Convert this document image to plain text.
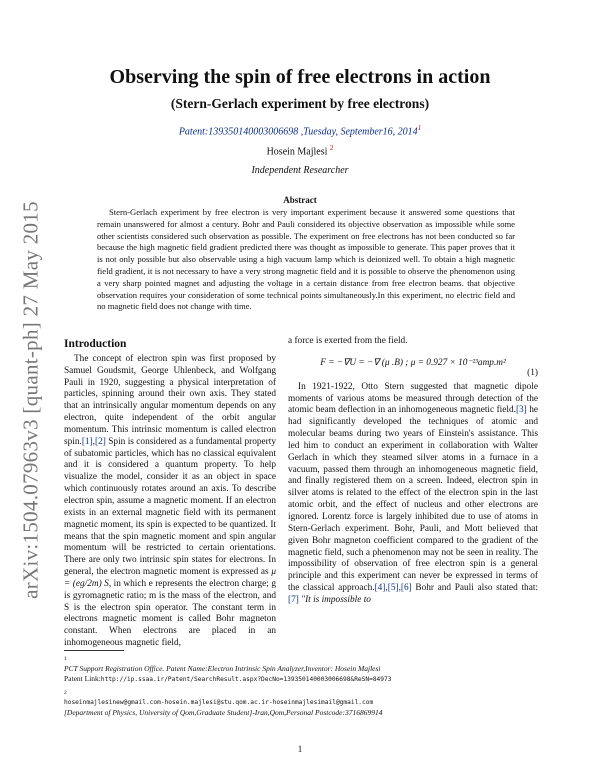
arXiv:1504.07963v3 [quant-ph] 27 May 2015
Observing the spin of free electrons in action
(Stern-Gerlach experiment by free electrons)
Patent:139350140003006698 ,Tuesday, September16, 2014$^1$
Hosein Majlesi $^2$
Independent Researcher
Abstract

Stern-Gerlach experiment by free electron is very important experiment because it answered some questions that remain unanswered for almost a century. Bohr and Pauli considered its objective observation as impossible while some other scientists considered such observation as possible. The experiment on free electrons has not been conducted so far because the high magnetic field gradient predicted there was thought as impossible to generate. This paper proves that it is not only possible but also observable using a high vacuum lamp which is deionized well. To obtain a high magnetic field gradient, it is not necessary to have a very strong magnetic field and it is possible to observe the phenomenon using a very sharp pointed magnet and adjusting the voltage in a certain distance from free electron beams. that objective observation requires your consideration of some technical points simultaneously.In this experiment, no electric field and no magnetic field does not change with time.

Introduction

The concept of electron spin was first proposed by Samuel Goudsmit, George Uhlenbeck, and Wolfgang Pauli in 1920, suggesting a physical interpretation of particles, spinning around their own axis. They stated that an intrinsically angular momentum depends on any electron, quite independent of the orbit angular momentum. This intrinsic momentum is called electron spin.[1],[2] Spin is considered as a fundamental property of subatomic particles, which has no classical equivalent and it is considered a quantum property. To help visualize the model, consider it as an object in space which continuously rotates around an axis. To describe electron spin, assume a magnetic moment. If an electron exists in an external magnetic field with its permanent magnetic moment, its spin is expected to be quantized. It means that the spin magnetic moment and spin angular momentum will be restricted to certain orientations. There are only two intrinsic spin states for electrons. In general, the electron magnetic moment is expressed as μ = (eg/2m) S, in which e represents the electron charge; g is gyromagnetic ratio; m is the mass of the electron, and S is the electron spin operator. The constant term in electrons magnetic moment is called Bohr magneton constant. When electrons are placed in an inhomogeneous magnetic field,

a force is exerted from the field.

F = −∇U = −∇ (μ .B) ; μ = 0.927 × 10⁻²³amp.m²
(1)

In 1921-1922, Otto Stern suggested that magnetic dipole moments of various atoms be measured through detection of the atomic beam deflection in an inhomogeneous magnetic field.[3] he had significantly developed the techniques of atomic and molecular beams during two years of Einstein's assistance. This led him to conduct an experiment in collaboration with Walter Gerlach in which they steamed silver atoms in a furnace in a vacuum, passed them through an inhomogeneous magnetic field, and finally registered them on a screen. Indeed, electron spin in silver atoms is related to the effect of the electron spin in the last atomic orbit, and the effect of nucleus and other electrons are ignored. Lorentz force is largely inhibited due to use of atoms in Stern-Gerlach experiment. Bohr, Pauli, and Mott believed that given Bohr magneton coefficient compared to the gradient of the magnetic field, such a phenomenon may not be seen in reality. The impossibility of observation of free electron spin is a general principle and this experiment can never be expressed in terms of the classical approach.[4],[5],[6] Bohr and Pauli also stated that:[7] "It is impossible to

$^1$
PCT Support Registration Office. Patent Name:Electron Intrinsic Spin Analyzer,Inventor: Hosein Majlesi
Patent Link:http://ip.ssaa.ir/Patent/SearchResult.aspx?DecNo=139350140003006698&ReSN=84973
$^2$
hoseinmajlesinew@gmail.com-hosein.majlesi@stu.qom.ac.ir-hoseinmajlesimail@gmail.com
[Department of Physics, University of Qom,Graduate Student]-Iran,Qom,Personal Postcode:3716869914
1
